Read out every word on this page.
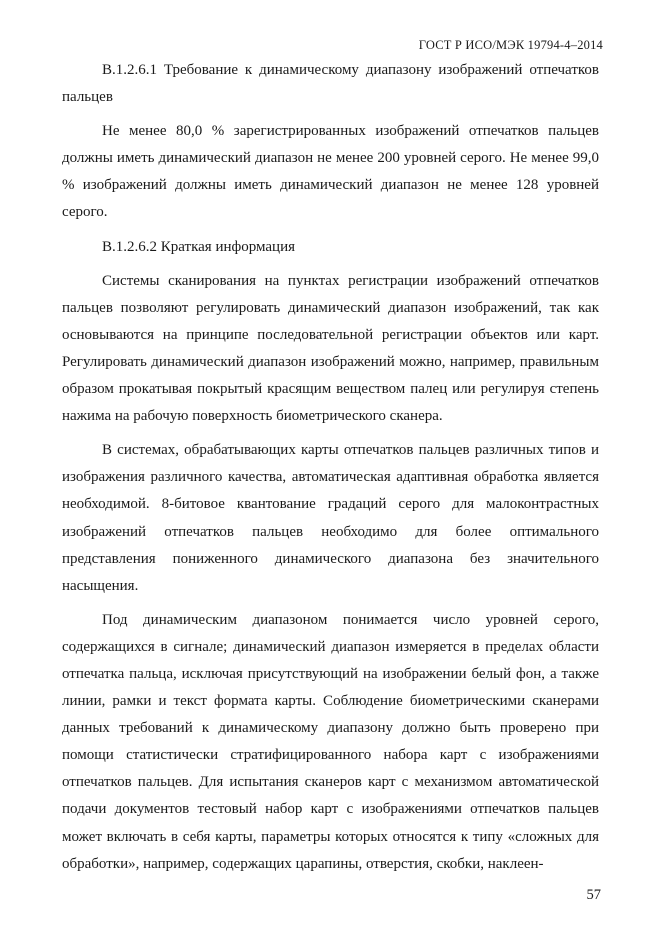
ГОСТ Р ИСО/МЭК 19794-4–2014

B.1.2.6.1 Требование к динамическому диапазону изображений отпечатков пальцев

Не менее 80,0 % зарегистрированных изображений отпечатков пальцев должны иметь динамический диапазон не менее 200 уровней серого. Не менее 99,0 % изображений должны иметь динамический диапазон не менее 128 уровней серого.

B.1.2.6.2 Краткая информация

Системы сканирования на пунктах регистрации изображений отпечатков пальцев позволяют регулировать динамический диапазон изображений, так как основываются на принципе последовательной регистрации объектов или карт. Регулировать динамический диапазон изображений можно, например, правильным образом прокатывая покрытый красящим веществом палец или регулируя степень нажима на рабочую поверхность биометрического сканера.

В системах, обрабатывающих карты отпечатков пальцев различных типов и изображения различного качества, автоматическая адаптивная обработка является необходимой. 8-битовое квантование градаций серого для малоконтрастных изображений отпечатков пальцев необходимо для более оптимального представления пониженного динамического диапазона без значительного насыщения.

Под динамическим диапазоном понимается число уровней серого, содержащихся в сигнале; динамический диапазон измеряется в пределах области отпечатка пальца, исключая присутствующий на изображении белый фон, а также линии, рамки и текст формата карты. Соблюдение биометрическими сканерами данных требований к динамическому диапазону должно быть проверено при помощи статистически стратифицированного набора карт с изображениями отпечатков пальцев. Для испытания сканеров карт с механизмом автоматической подачи документов тестовый набор карт с изображениями отпечатков пальцев может включать в себя карты, параметры которых относятся к типу «сложных для обработки», например, содержащих царапины, отверстия, скобки, наклеен-

57
